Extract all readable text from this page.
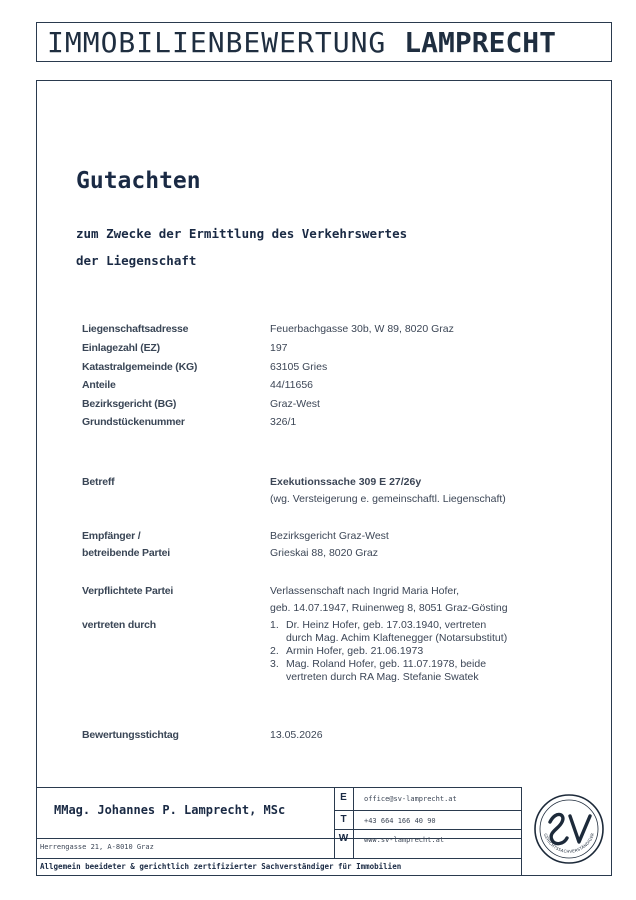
IMMOBILIENBEWERTUNG LAMPRECHT
Gutachten
zum Zwecke der Ermittlung des Verkehrswertes
der Liegenschaft
Liegenschaftsadresse	Feuerbachgasse 30b, W 89, 8020 Graz
Einlagezahl (EZ)	197
Katastralgemeinde (KG)	63105 Gries
Anteile	44/11656
Bezirksgericht (BG)	Graz-West
Grundstückenummer	326/1
Betreff	Exekutionssache 309 E 27/26y
(wg. Versteigerung e. gemeinschaftl. Liegenschaft)
Empfänger /	Bezirksgericht Graz-West
betreibende Partei	Grieskai 88, 8020 Graz
Verpflichtete Partei	Verlassenschaft nach Ingrid Maria Hofer,
geb. 14.07.1947, Ruinenweg 8, 8051 Graz-Gösting
vertreten durch	1. Dr. Heinz Hofer, geb. 17.03.1940, vertreten
durch Mag. Achim Klaftenegger (Notarsubstitut)
2. Armin Hofer, geb. 21.06.1973
3. Mag. Roland Hofer, geb. 11.07.1978, beide
vertreten durch RA Mag. Stefanie Swatek
Bewertungsstichtag	13.05.2026
MMag. Johannes P. Lamprecht, MSc
Herrengasse 21, A-8010 Graz
Allgemein beeideter & gerichtlich zertifizierter Sachverständiger für Immobilien
E	office@sv-lamprecht.at
T	+43 664 166 40 90
W	www.sv-lamprecht.at
GERICHTSSACHVERSTÄNDIGER
